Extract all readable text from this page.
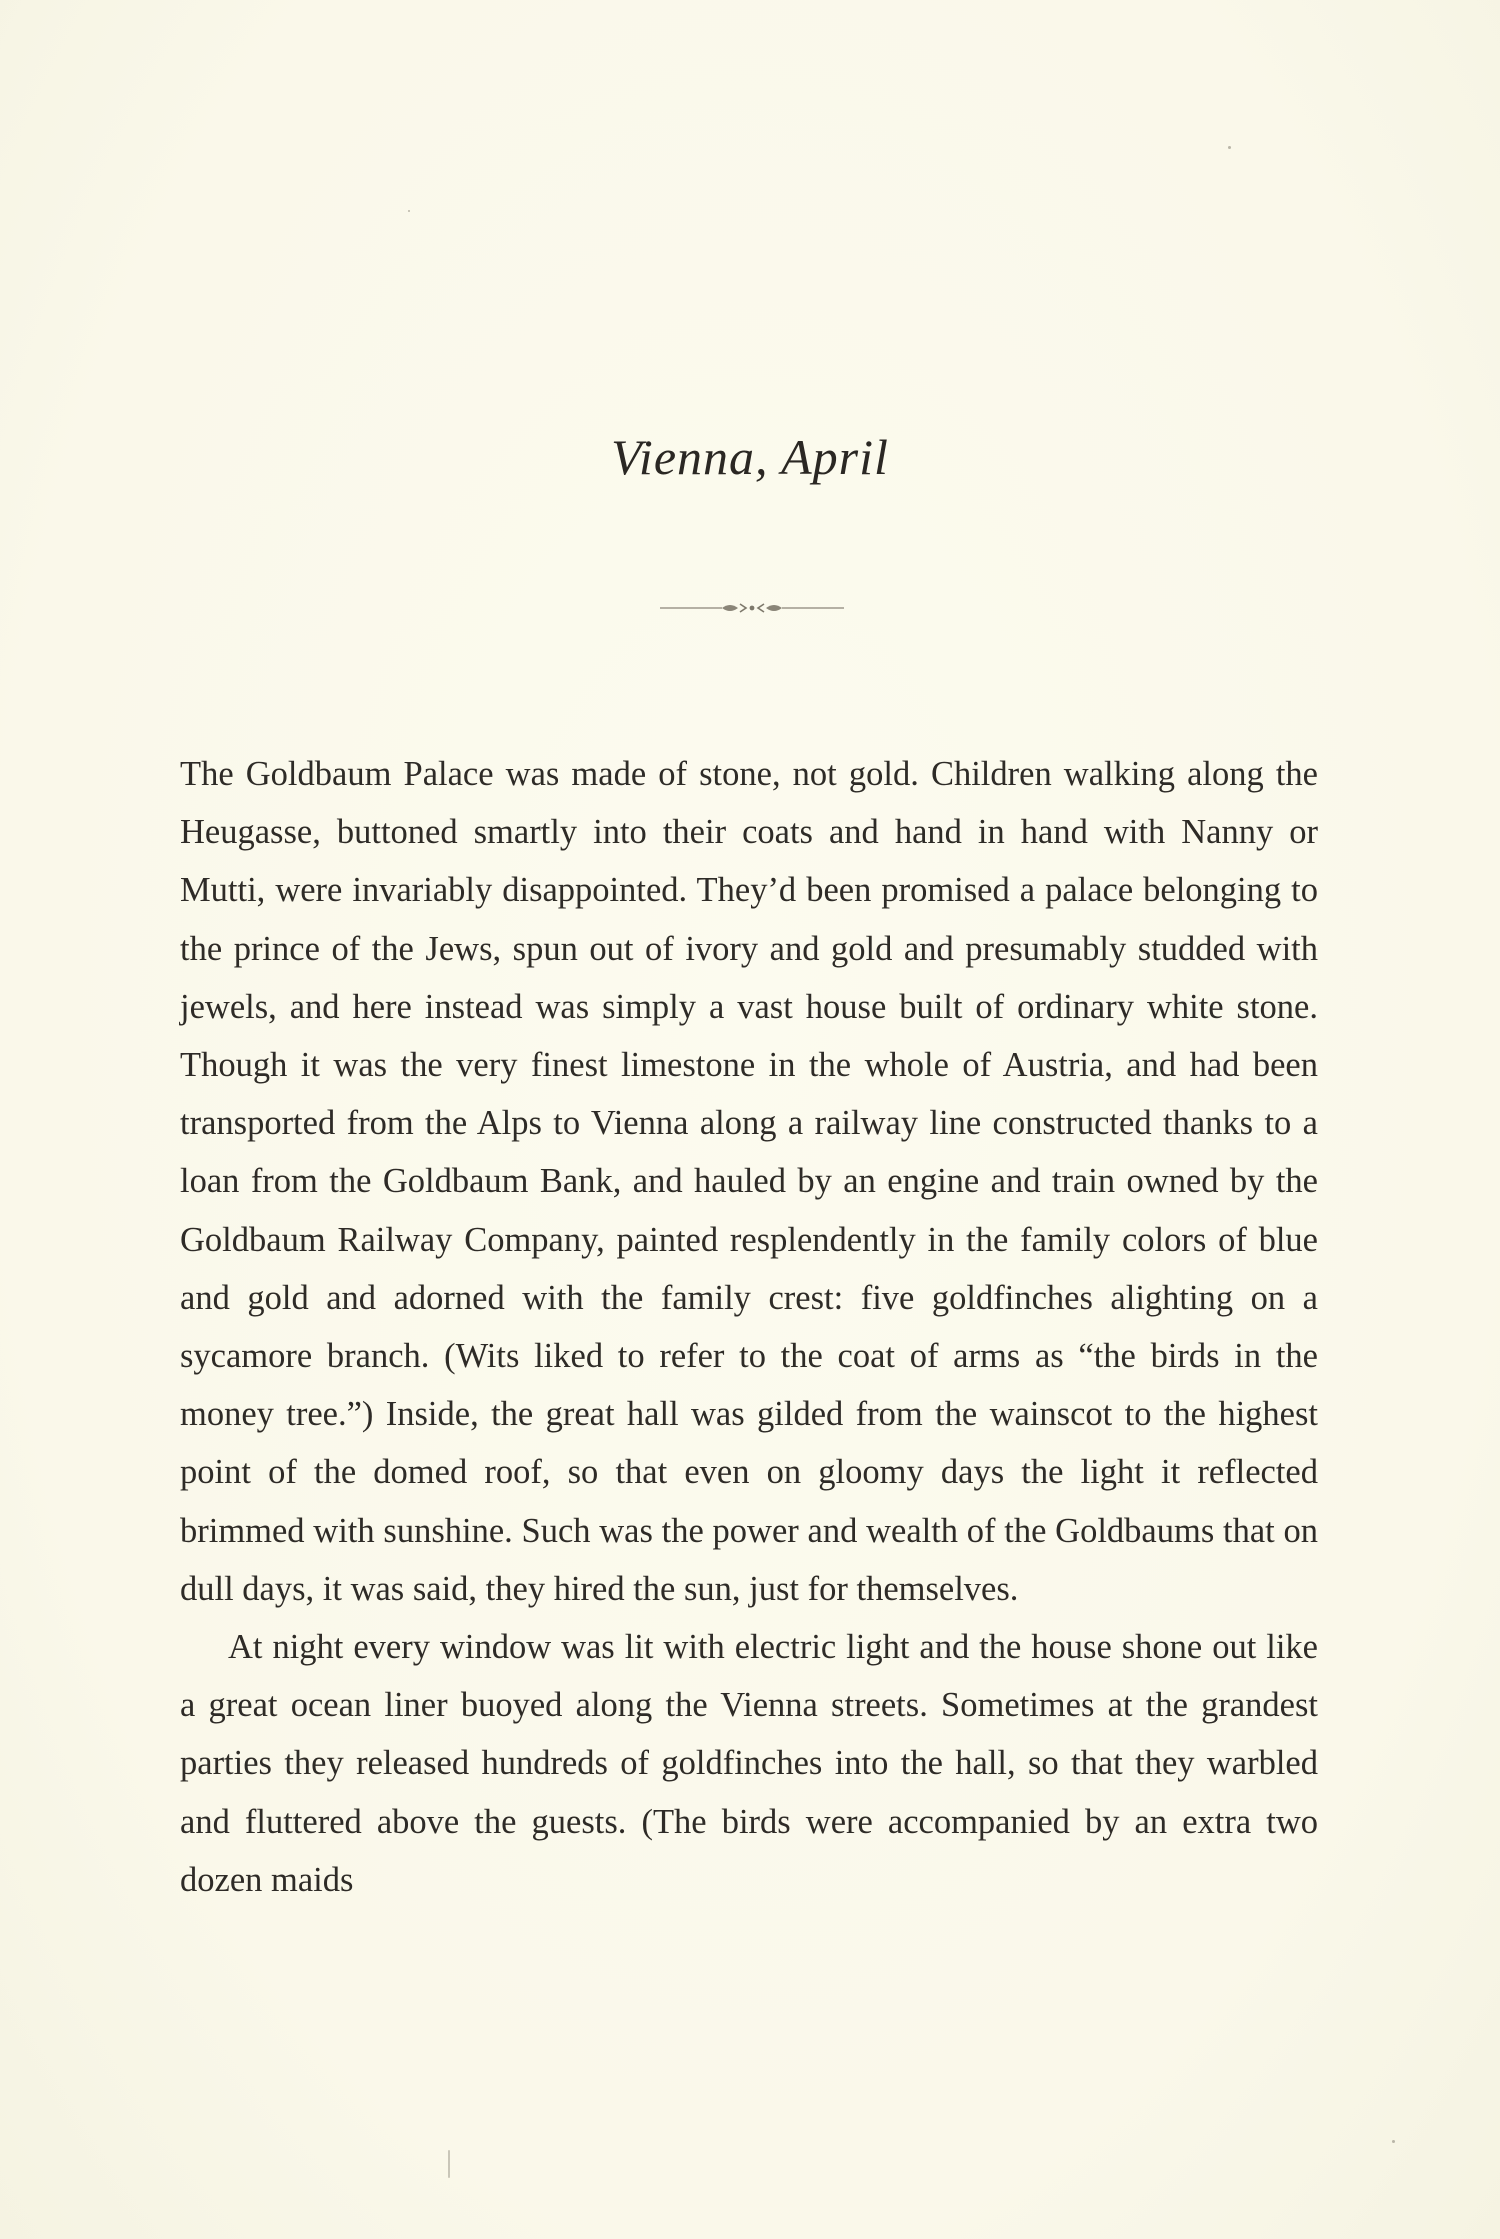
Vienna, April

The Goldbaum Palace was made of stone, not gold. Children walking along the Heugasse, buttoned smartly into their coats and hand in hand with Nanny or Mutti, were invariably disappointed. They’d been promised a palace belonging to the prince of the Jews, spun out of ivory and gold and presumably studded with jewels, and here instead was simply a vast house built of ordinary white stone. Though it was the very finest limestone in the whole of Austria, and had been transported from the Alps to Vienna along a railway line constructed thanks to a loan from the Goldbaum Bank, and hauled by an engine and train owned by the Goldbaum Railway Company, painted resplendently in the family colors of blue and gold and adorned with the family crest: five goldfinches alighting on a sycamore branch. (Wits liked to refer to the coat of arms as “the birds in the money tree.”) Inside, the great hall was gilded from the wainscot to the highest point of the domed roof, so that even on gloomy days the light it reflected brimmed with sunshine. Such was the power and wealth of the Goldbaums that on dull days, it was said, they hired the sun, just for themselves.

At night every window was lit with electric light and the house shone out like a great ocean liner buoyed along the Vienna streets. Sometimes at the grandest parties they released hundreds of goldfinches into the hall, so that they warbled and fluttered above the guests. (The birds were accompanied by an extra two dozen maids
